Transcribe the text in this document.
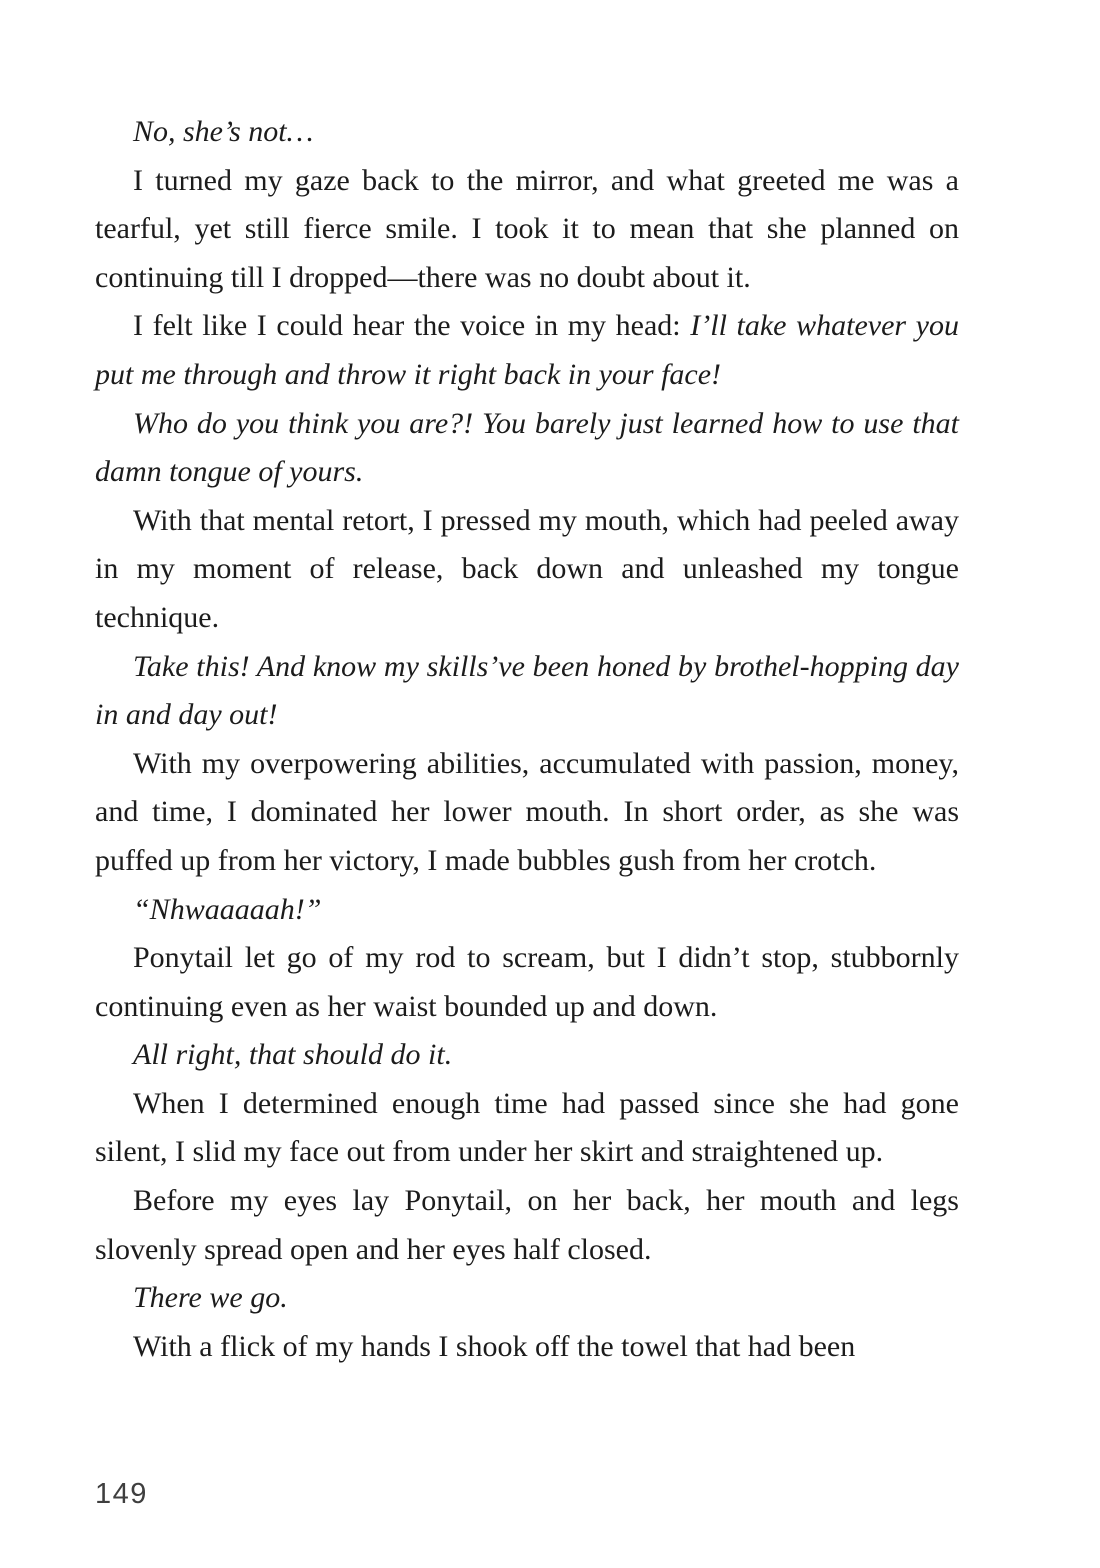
No, she’s not…

I turned my gaze back to the mirror, and what greeted me was a tearful, yet still fierce smile. I took it to mean that she planned on continuing till I dropped—there was no doubt about it.

I felt like I could hear the voice in my head: I’ll take whatever you put me through and throw it right back in your face!

Who do you think you are?! You barely just learned how to use that damn tongue of yours.

With that mental retort, I pressed my mouth, which had peeled away in my moment of release, back down and unleashed my tongue technique.

Take this! And know my skills’ve been honed by brothel-hopping day in and day out!

With my overpowering abilities, accumulated with passion, money, and time, I dominated her lower mouth. In short order, as she was puffed up from her victory, I made bubbles gush from her crotch.

“Nhwaaaaah!”

Ponytail let go of my rod to scream, but I didn’t stop, stubbornly continuing even as her waist bounded up and down.

All right, that should do it.

When I determined enough time had passed since she had gone silent, I slid my face out from under her skirt and straightened up.

Before my eyes lay Ponytail, on her back, her mouth and legs slovenly spread open and her eyes half closed.

There we go.

With a flick of my hands I shook off the towel that had been

149
